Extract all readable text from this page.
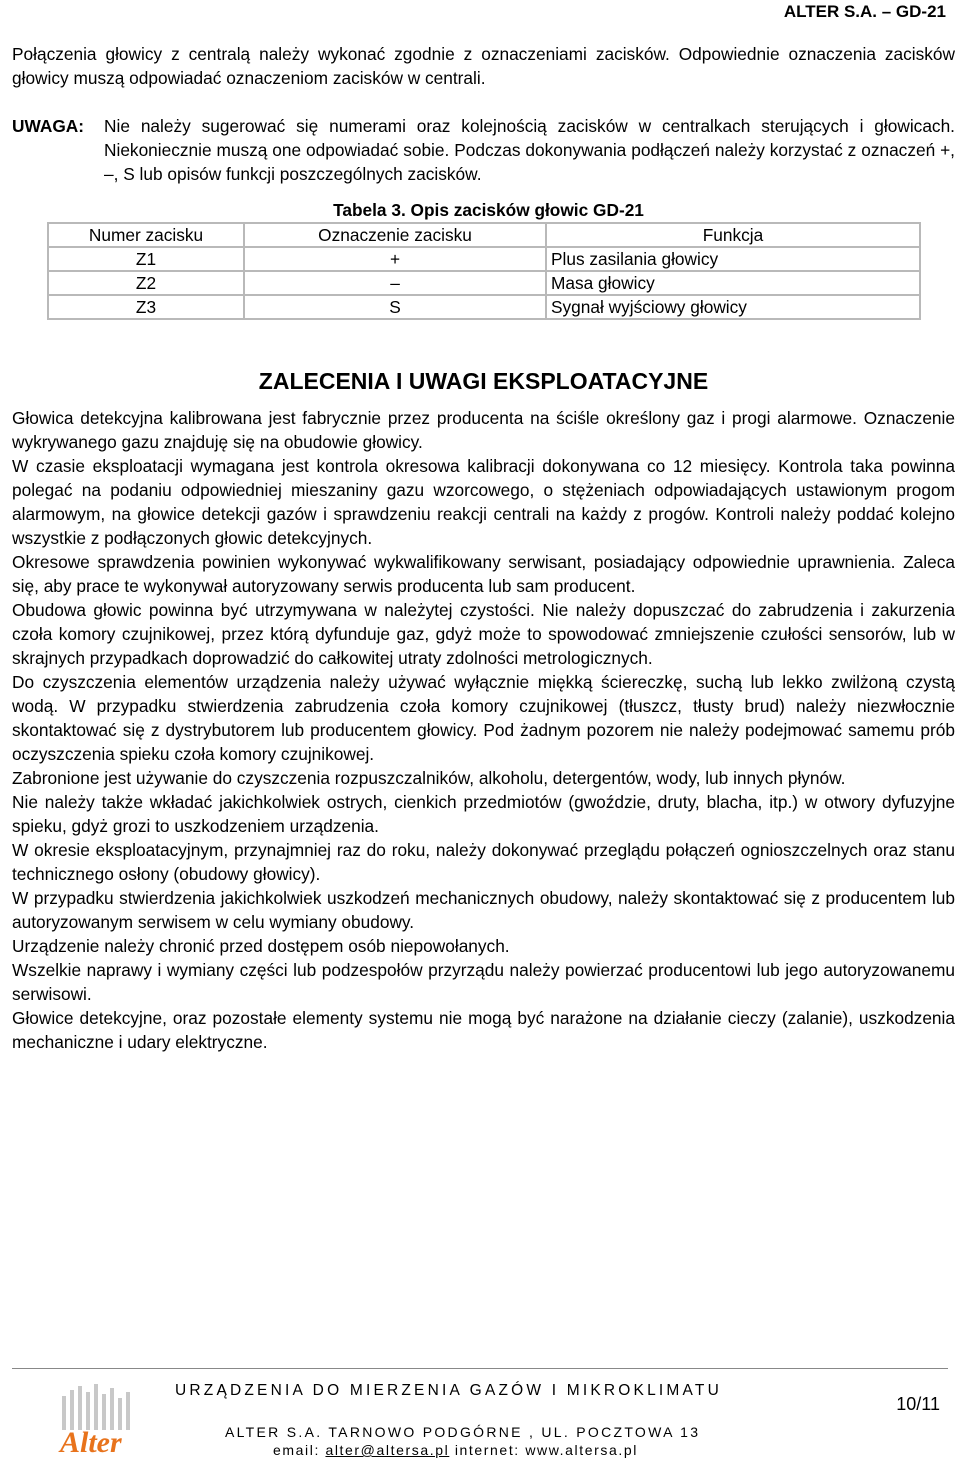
ALTER S.A. – GD-21

Połączenia głowicy z centralą należy wykonać zgodnie z oznaczeniami zacisków. Odpowiednie oznaczenia zacisków głowicy muszą odpowiadać oznaczeniom zacisków w centrali.

UWAGA:	Nie należy sugerować się numerami oraz kolejnością zacisków w centralkach sterujących i głowicach. Niekoniecznie muszą one odpowiadać sobie. Podczas dokonywania podłączeń należy korzystać z oznaczeń +, –, S lub opisów funkcji poszczególnych zacisków.
Tabela 3. Opis zacisków głowic GD-21
Numer zacisku	Oznaczenie zacisku	Funkcja
Z1	+	Plus zasilania głowicy
Z2	–	Masa głowicy
Z3	S	Sygnał wyjściowy głowicy
ZALECENIA I UWAGI EKSPLOATACYJNE

Głowica detekcyjna kalibrowana jest fabrycznie przez producenta na ściśle określony gaz i progi alarmowe. Oznaczenie wykrywanego gazu znajduję się na obudowie głowicy.

W czasie eksploatacji wymagana jest kontrola okresowa kalibracji dokonywana co 12 miesięcy. Kontrola taka powinna polegać na podaniu odpowiedniej mieszaniny gazu wzorcowego, o stężeniach odpowiadających ustawionym progom alarmowym, na głowice detekcji gazów i sprawdzeniu reakcji centrali na każdy z progów. Kontroli należy poddać kolejno wszystkie z podłączonych głowic detekcyjnych.

Okresowe sprawdzenia powinien wykonywać wykwalifikowany serwisant, posiadający odpowiednie uprawnienia. Zaleca się, aby prace te wykonywał autoryzowany serwis producenta lub sam producent.

Obudowa głowic powinna być utrzymywana w należytej czystości. Nie należy dopuszczać do zabrudzenia i zakurzenia czoła komory czujnikowej, przez którą dyfunduje gaz, gdyż może to spowodować zmniejszenie czułości sensorów, lub w skrajnych przypadkach doprowadzić do całkowitej utraty zdolności metrologicznych.

Do czyszczenia elementów urządzenia należy używać wyłącznie miękką ściereczkę, suchą lub lekko zwilżoną czystą wodą. W przypadku stwierdzenia zabrudzenia czoła komory czujnikowej (tłuszcz, tłusty brud) należy niezwłocznie skontaktować się z dystrybutorem lub producentem głowicy. Pod żadnym pozorem nie należy podejmować samemu prób oczyszczenia spieku czoła komory czujnikowej.

Zabronione jest używanie do czyszczenia rozpuszczalników, alkoholu, detergentów, wody, lub innych płynów.

Nie należy także wkładać jakichkolwiek ostrych, cienkich przedmiotów (gwoździe, druty, blacha, itp.) w otwory dyfuzyjne spieku, gdyż grozi to uszkodzeniem urządzenia.

W okresie eksploatacyjnym, przynajmniej raz do roku, należy dokonywać przeglądu połączeń ognioszczelnych oraz stanu technicznego osłony (obudowy głowicy).

W przypadku stwierdzenia jakichkolwiek uszkodzeń mechanicznych obudowy, należy skontaktować się z producentem lub autoryzowanym serwisem w celu wymiany obudowy.

Urządzenie należy chronić przed dostępem osób niepowołanych.

Wszelkie naprawy i wymiany części lub podzespołów przyrządu należy powierzać producentowi lub jego autoryzowanemu serwisowi.

Głowice detekcyjne, oraz pozostałe elementy systemu nie mogą być narażone na działanie cieczy (zalanie), uszkodzenia mechaniczne i udary elektryczne.

Alter
URZĄDZENIA DO MIERZENIA GAZÓW I MIKROKLIMATU
10/11
ALTER S.A. TARNOWO PODGÓRNE , UL. POCZTOWA 13
email: alter@altersa.pl internet: www.altersa.pl
